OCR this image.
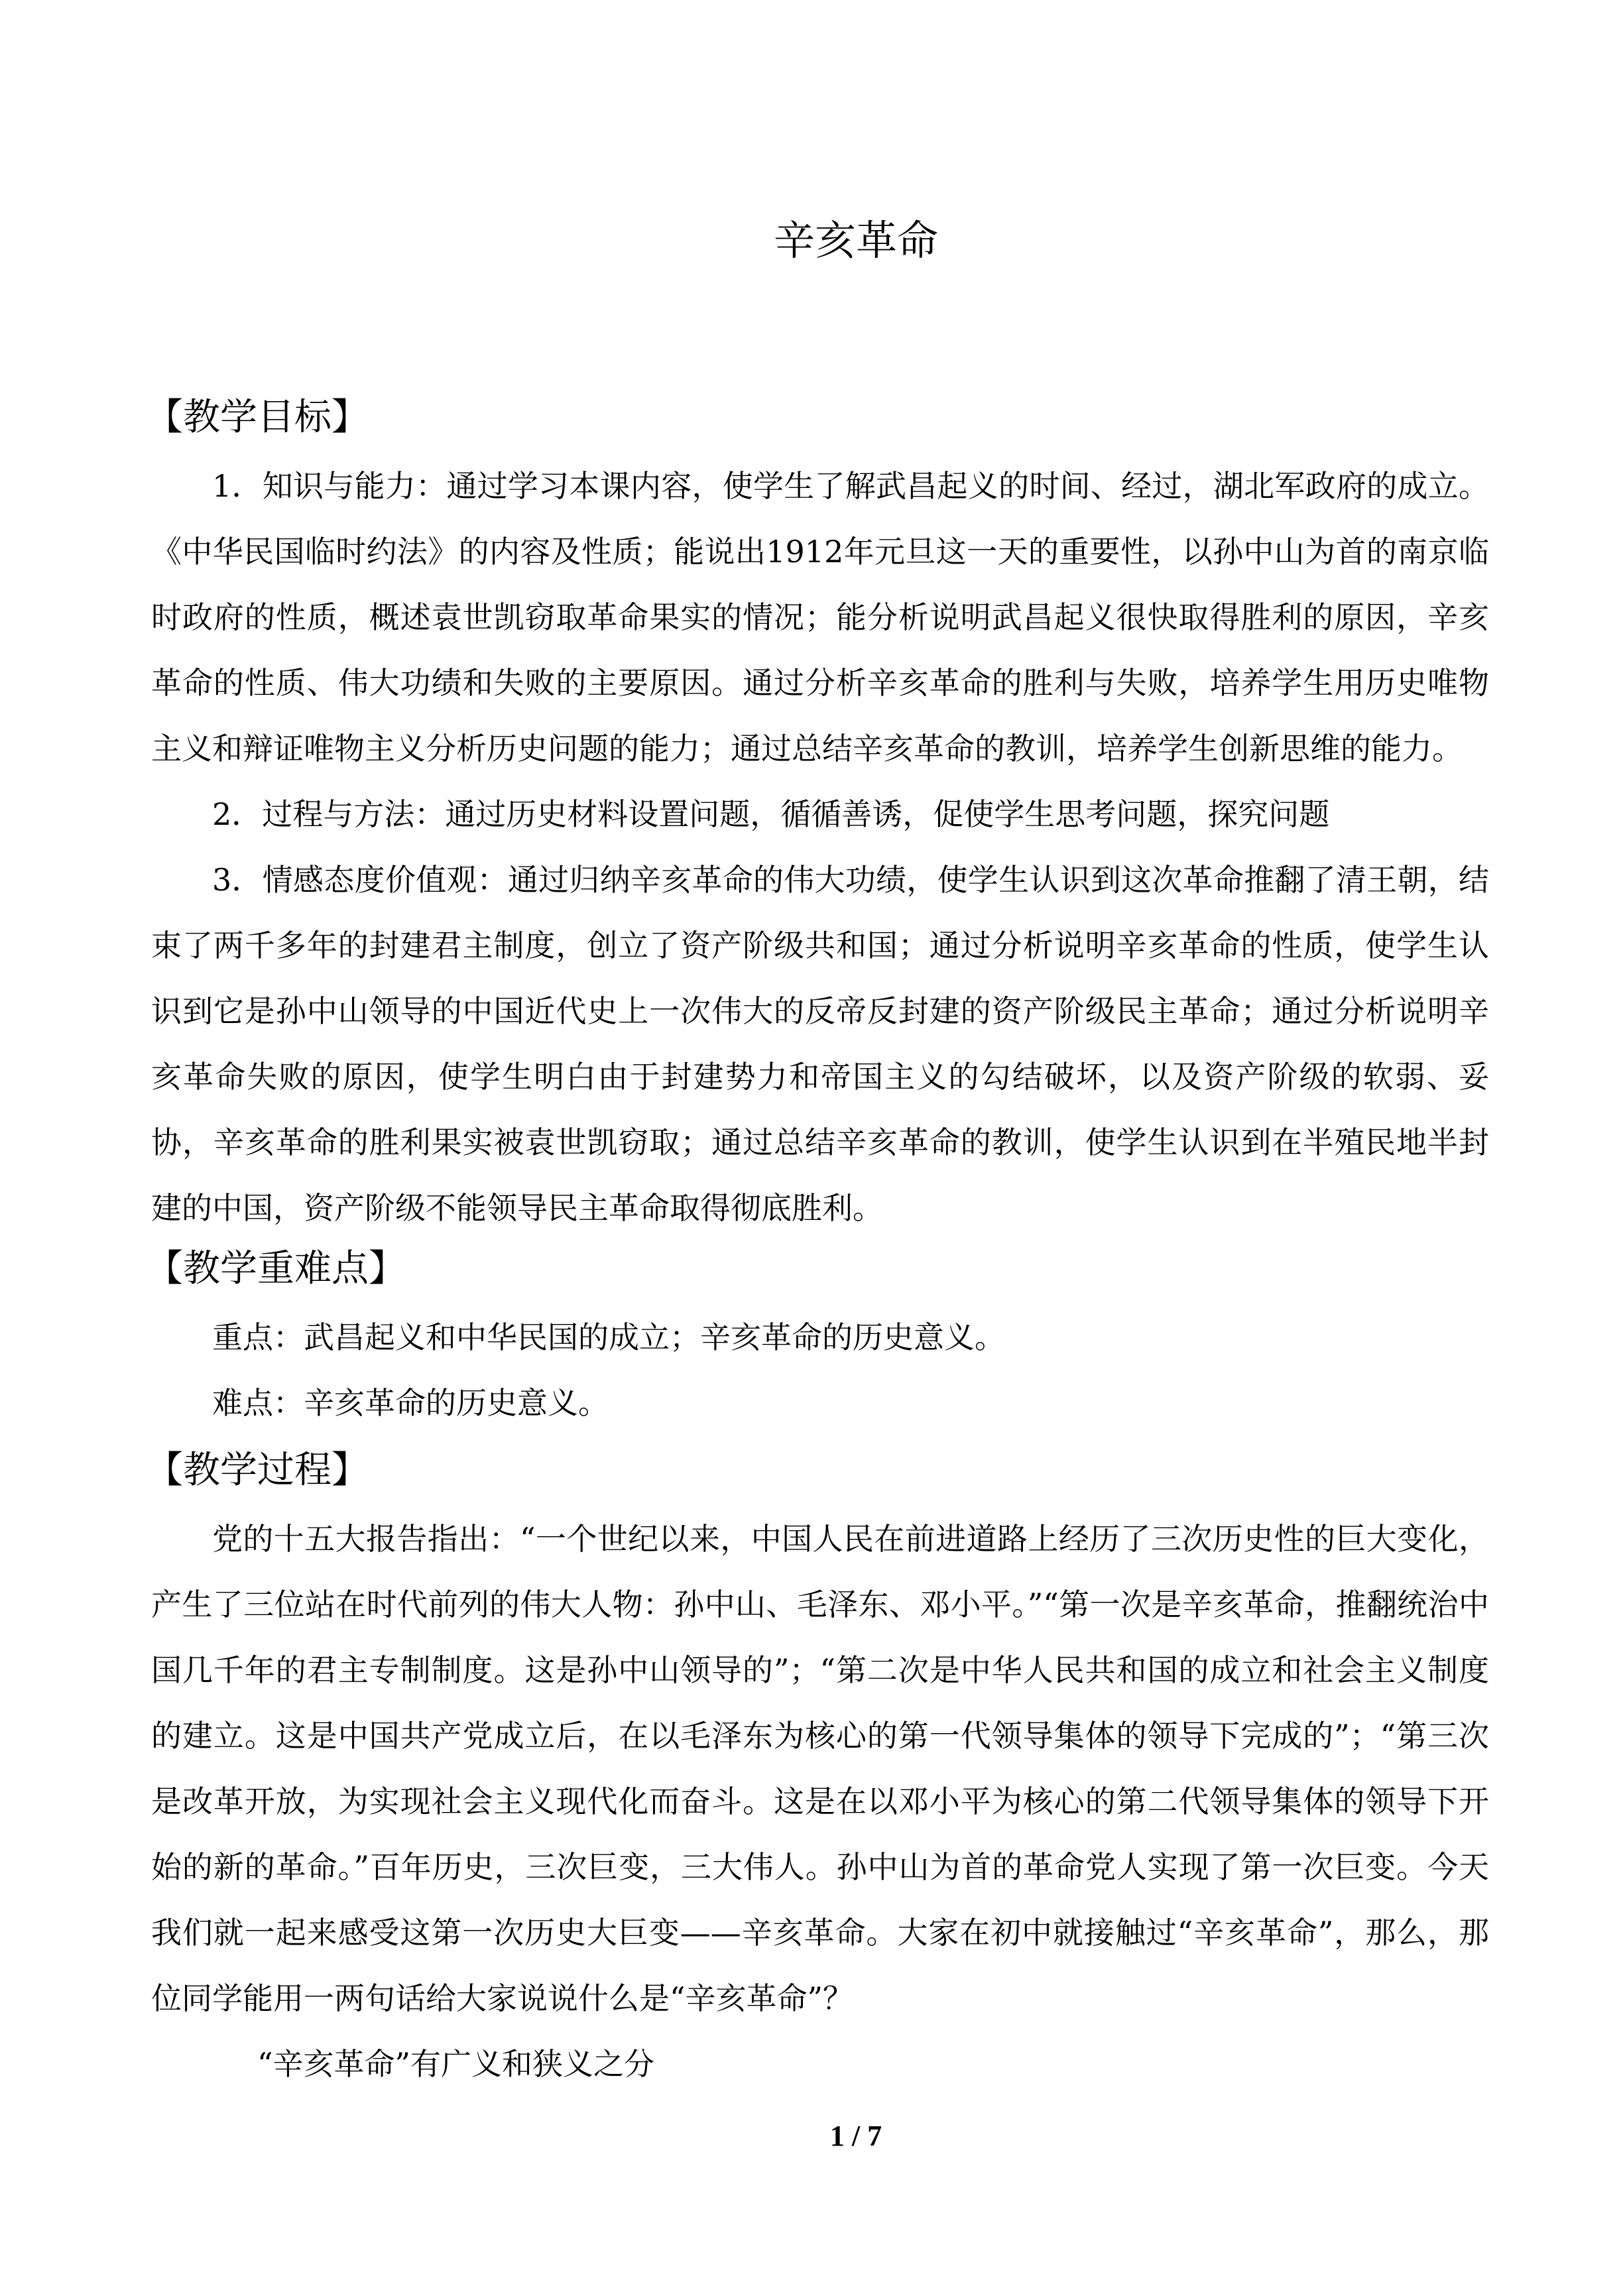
辛亥革命
【教学目标】

1．知识与能力：通过学习本课内容，使学生了解武昌起义的时间、经过，湖北军政府的成立。《中华民国临时约法》的内容及性质；能说出1912年元旦这一天的重要性，以孙中山为首的南京临时政府的性质，概述袁世凯窃取革命果实的情况；能分析说明武昌起义很快取得胜利的原因，辛亥革命的性质、伟大功绩和失败的主要原因。通过分析辛亥革命的胜利与失败，培养学生用历史唯物主义和辩证唯物主义分析历史问题的能力；通过总结辛亥革命的教训，培养学生创新思维的能力。

2．过程与方法：通过历史材料设置问题，循循善诱，促使学生思考问题，探究问题

3．情感态度价值观：通过归纳辛亥革命的伟大功绩，使学生认识到这次革命推翻了清王朝，结束了两千多年的封建君主制度，创立了资产阶级共和国；通过分析说明辛亥革命的性质，使学生认识到它是孙中山领导的中国近代史上一次伟大的反帝反封建的资产阶级民主革命；通过分析说明辛亥革命失败的原因，使学生明白由于封建势力和帝国主义的勾结破坏，以及资产阶级的软弱、妥协，辛亥革命的胜利果实被袁世凯窃取；通过总结辛亥革命的教训，使学生认识到在半殖民地半封建的中国，资产阶级不能领导民主革命取得彻底胜利。

【教学重难点】

重点：武昌起义和中华民国的成立；辛亥革命的历史意义。

难点：辛亥革命的历史意义。

【教学过程】

党的十五大报告指出：“一个世纪以来，中国人民在前进道路上经历了三次历史性的巨大变化，产生了三位站在时代前列的伟大人物：孙中山、毛泽东、邓小平。”“第一次是辛亥革命，推翻统治中国几千年的君主专制制度。这是孙中山领导的”；“第二次是中华人民共和国的成立和社会主义制度的建立。这是中国共产党成立后，在以毛泽东为核心的第一代领导集体的领导下完成的”；“第三次是改革开放，为实现社会主义现代化而奋斗。这是在以邓小平为核心的第二代领导集体的领导下开始的新的革命。”百年历史，三次巨变，三大伟人。孙中山为首的革命党人实现了第一次巨变。今天我们就一起来感受这第一次历史大巨变——辛亥革命。大家在初中就接触过“辛亥革命”，那么，那位同学能用一两句话给大家说说什么是“辛亥革命”？

“辛亥革命”有广义和狭义之分

1 / 7
